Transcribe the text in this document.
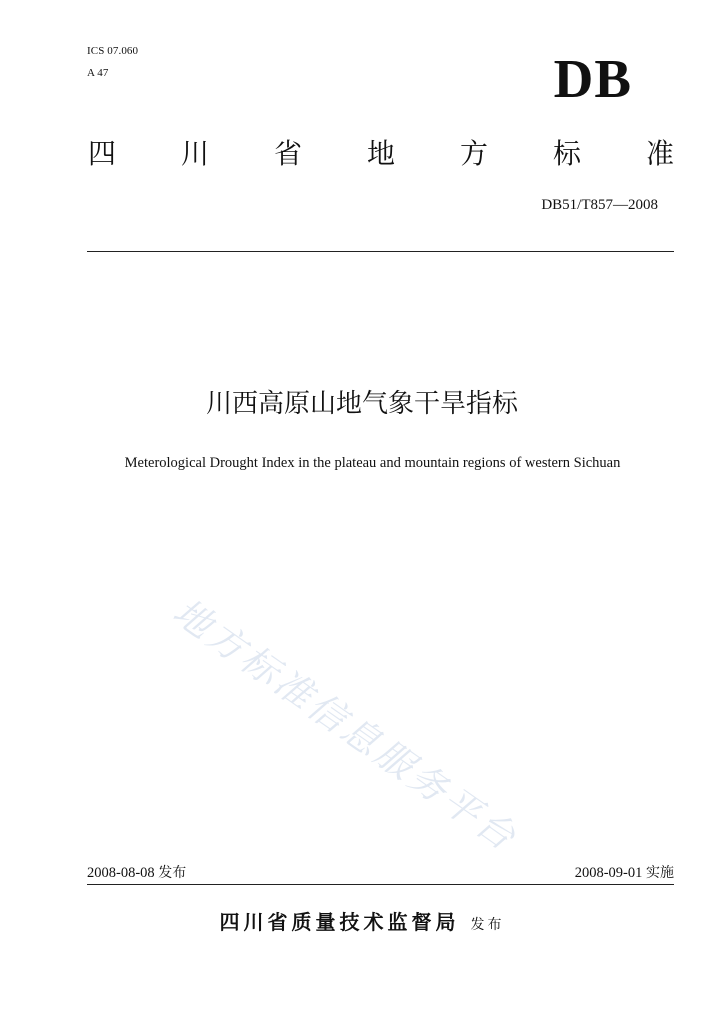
ICS 07.060
A 47	DB
四 川 省 地 方 标 准
DB51/T857—2008
川西高原山地气象干旱指标
Meterological Drought Index in the plateau and mountain regions of western Sichuan
地方标准信息服务平台
2008-08-08 发布	2008-09-01 实施
四川省质量技术监督局 发布
